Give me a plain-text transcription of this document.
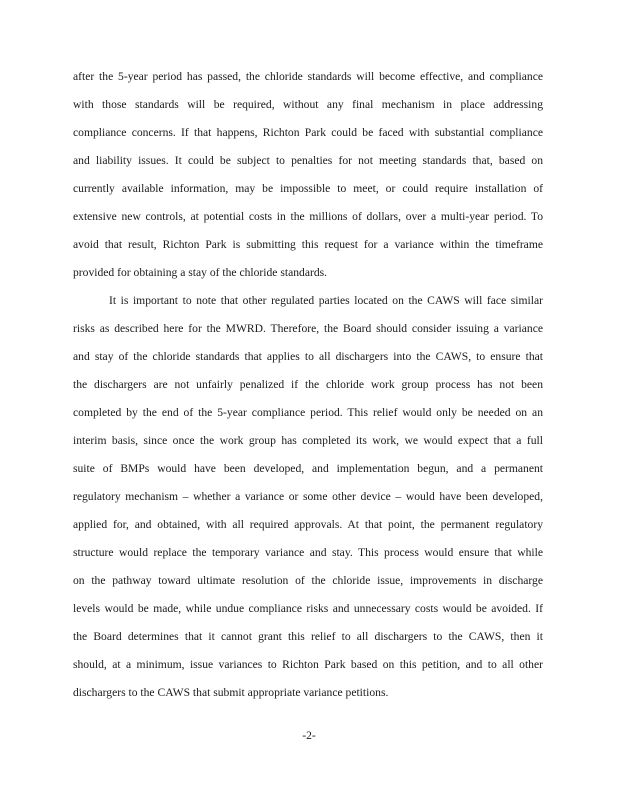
after the 5-year period has passed, the chloride standards will become effective, and compliance
with those standards will be required, without any final mechanism in place addressing
compliance concerns. If that happens, Richton Park could be faced with substantial compliance
and liability issues. It could be subject to penalties for not meeting standards that, based on
currently available information, may be impossible to meet, or could require installation of
extensive new controls, at potential costs in the millions of dollars, over a multi-year period. To
avoid that result, Richton Park is submitting this request for a variance within the timeframe
provided for obtaining a stay of the chloride standards.
It is important to note that other regulated parties located on the CAWS will face similar
risks as described here for the MWRD. Therefore, the Board should consider issuing a variance
and stay of the chloride standards that applies to all dischargers into the CAWS, to ensure that
the dischargers are not unfairly penalized if the chloride work group process has not been
completed by the end of the 5-year compliance period. This relief would only be needed on an
interim basis, since once the work group has completed its work, we would expect that a full
suite of BMPs would have been developed, and implementation begun, and a permanent
regulatory mechanism – whether a variance or some other device – would have been developed,
applied for, and obtained, with all required approvals. At that point, the permanent regulatory
structure would replace the temporary variance and stay. This process would ensure that while
on the pathway toward ultimate resolution of the chloride issue, improvements in discharge
levels would be made, while undue compliance risks and unnecessary costs would be avoided. If
the Board determines that it cannot grant this relief to all dischargers to the CAWS, then it
should, at a minimum, issue variances to Richton Park based on this petition, and to all other
dischargers to the CAWS that submit appropriate variance petitions.
-2-
